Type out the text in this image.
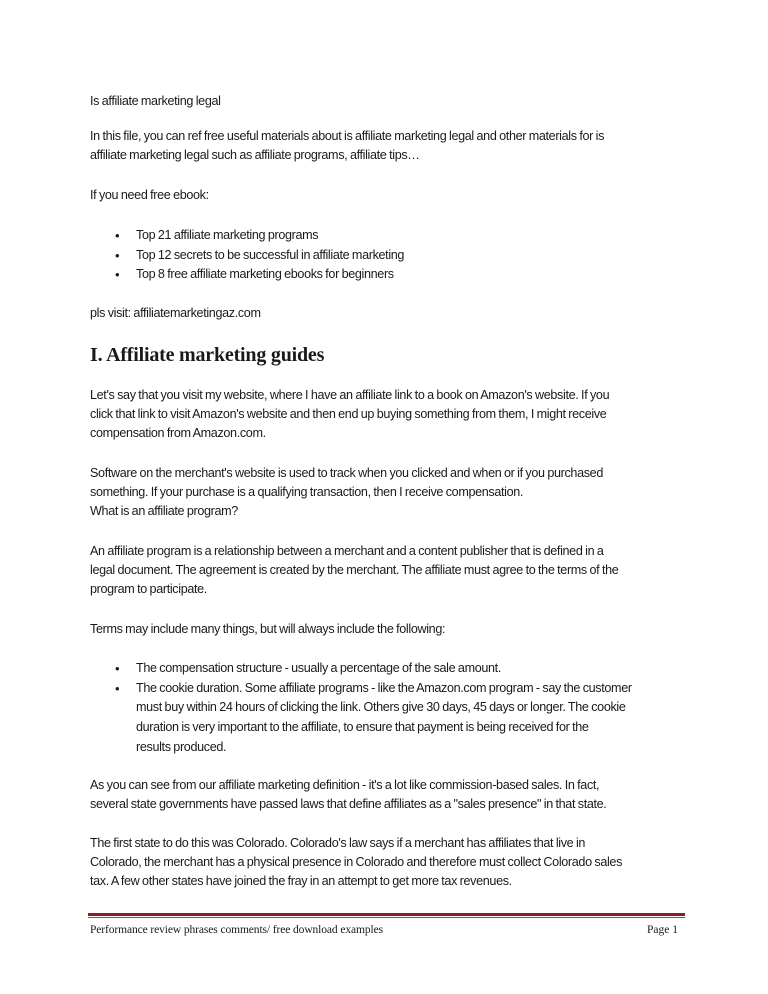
Is affiliate marketing legal
In this file, you can ref free useful materials about is affiliate marketing legal and other materials for is
affiliate marketing legal such as affiliate programs, affiliate tips…
If you need free ebook:
• Top 21 affiliate marketing programs
• Top 12 secrets to be successful in affiliate marketing
• Top 8 free affiliate marketing ebooks for beginners
pls visit: affiliatemarketingaz.com
I. Affiliate marketing guides
Let's say that you visit my website, where I have an affiliate link to a book on Amazon's website. If you
click that link to visit Amazon's website and then end up buying something from them, I might receive
compensation from Amazon.com.
Software on the merchant's website is used to track when you clicked and when or if you purchased
something. If your purchase is a qualifying transaction, then I receive compensation.
What is an affiliate program?
An affiliate program is a relationship between a merchant and a content publisher that is defined in a
legal document. The agreement is created by the merchant. The affiliate must agree to the terms of the
program to participate.
Terms may include many things, but will always include the following:
• The compensation structure - usually a percentage of the sale amount.
• The cookie duration. Some affiliate programs - like the Amazon.com program - say the customer
must buy within 24 hours of clicking the link. Others give 30 days, 45 days or longer. The cookie
duration is very important to the affiliate, to ensure that payment is being received for the
results produced.
As you can see from our affiliate marketing definition - it's a lot like commission-based sales. In fact,
several state governments have passed laws that define affiliates as a "sales presence" in that state.
The first state to do this was Colorado. Colorado's law says if a merchant has affiliates that live in
Colorado, the merchant has a physical presence in Colorado and therefore must collect Colorado sales
tax. A few other states have joined the fray in an attempt to get more tax revenues.
Performance review phrases comments/ free download examples	Page 1
